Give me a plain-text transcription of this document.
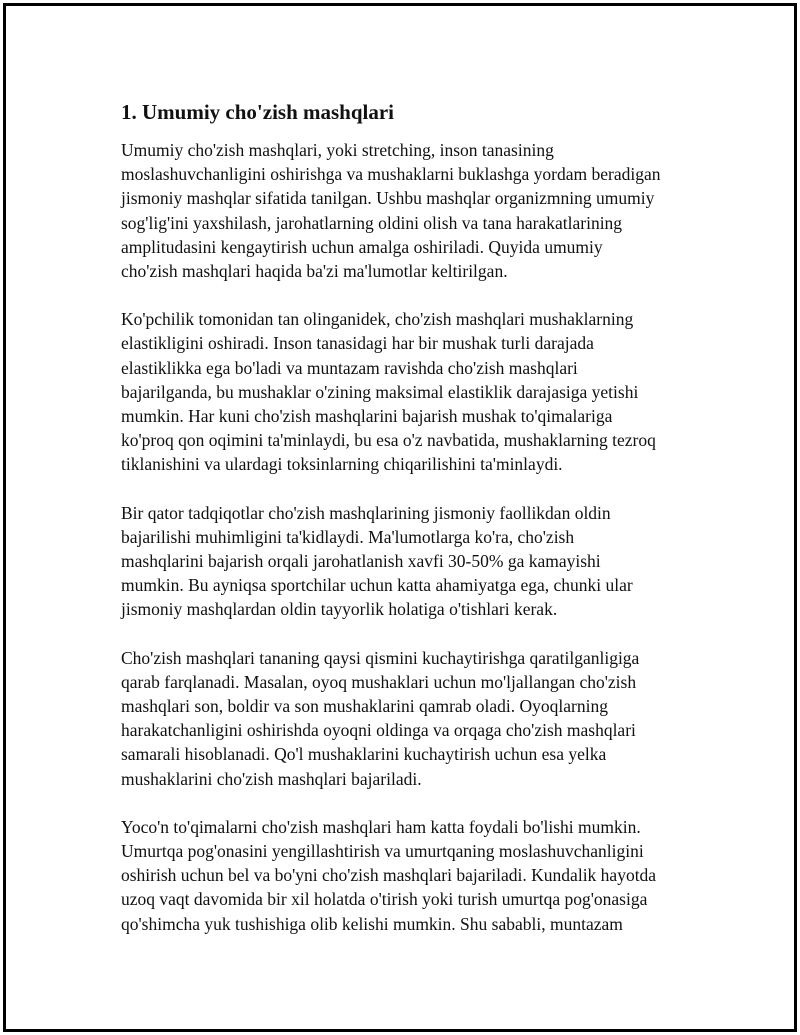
1. Umumiy cho'zish mashqlari

Umumiy cho'zish mashqlari, yoki stretching, inson tanasining
moslashuvchanligini oshirishga va mushaklarni buklashga yordam beradigan
jismoniy mashqlar sifatida tanilgan. Ushbu mashqlar organizmning umumiy
sog'lig'ini yaxshilash, jarohatlarning oldini olish va tana harakatlarining
amplitudasini kengaytirish uchun amalga oshiriladi. Quyida umumiy
cho'zish mashqlari haqida ba'zi ma'lumotlar keltirilgan.

Ko'pchilik tomonidan tan olinganidek, cho'zish mashqlari mushaklarning
elastikligini oshiradi. Inson tanasidagi har bir mushak turli darajada
elastiklikka ega bo'ladi va muntazam ravishda cho'zish mashqlari
bajarilganda, bu mushaklar o'zining maksimal elastiklik darajasiga yetishi
mumkin. Har kuni cho'zish mashqlarini bajarish mushak to'qimalariga
ko'proq qon oqimini ta'minlaydi, bu esa o'z navbatida, mushaklarning tezroq
tiklanishini va ulardagi toksinlarning chiqarilishini ta'minlaydi.

Bir qator tadqiqotlar cho'zish mashqlarining jismoniy faollikdan oldin
bajarilishi muhimligini ta'kidlaydi. Ma'lumotlarga ko'ra, cho'zish
mashqlarini bajarish orqali jarohatlanish xavfi 30-50% ga kamayishi
mumkin. Bu ayniqsa sportchilar uchun katta ahamiyatga ega, chunki ular
jismoniy mashqlardan oldin tayyorlik holatiga o'tishlari kerak.

Cho'zish mashqlari tananing qaysi qismini kuchaytirishga qaratilganligiga
qarab farqlanadi. Masalan, oyoq mushaklari uchun mo'ljallangan cho'zish
mashqlari son, boldir va son mushaklarini qamrab oladi. Oyoqlarning
harakatchanligini oshirishda oyoqni oldinga va orqaga cho'zish mashqlari
samarali hisoblanadi. Qo'l mushaklarini kuchaytirish uchun esa yelka
mushaklarini cho'zish mashqlari bajariladi.

Yoco'n to'qimalarni cho'zish mashqlari ham katta foydali bo'lishi mumkin.
Umurtqa pog'onasini yengillashtirish va umurtqaning moslashuvchanligini
oshirish uchun bel va bo'yni cho'zish mashqlari bajariladi. Kundalik hayotda
uzoq vaqt davomida bir xil holatda o'tirish yoki turish umurtqa pog'onasiga
qo'shimcha yuk tushishiga olib kelishi mumkin. Shu sababli, muntazam
